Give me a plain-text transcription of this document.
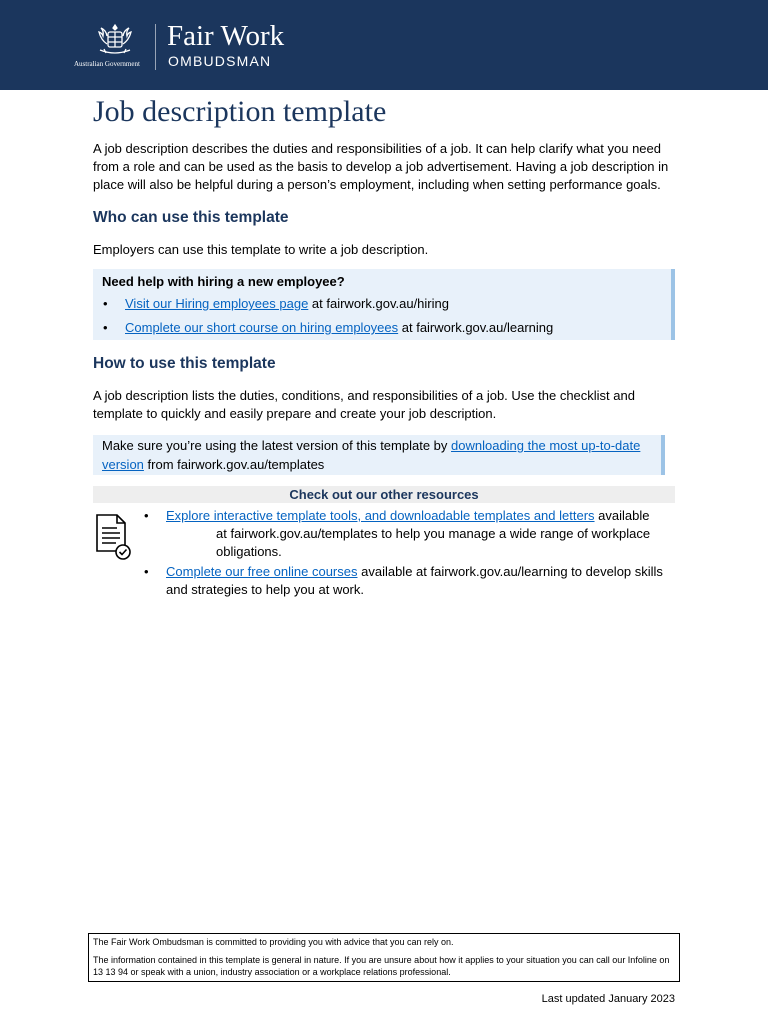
Australian Government
Fair Work
OMBUDSMAN
Job description template

A job description describes the duties and responsibilities of a job. It can help clarify what you need from a role and can be used as the basis to develop a job advertisement. Having a job description in place will also be helpful during a person’s employment, including when setting performance goals.

Who can use this template

Employers can use this template to write a job description.

Need help with hiring a new employee?
• Visit our Hiring employees page at fairwork.gov.au/hiring
• Complete our short course on hiring employees at fairwork.gov.au/learning
How to use this template

A job description lists the duties, conditions, and responsibilities of a job. Use the checklist and template to quickly and easily prepare and create your job description.

Make sure you’re using the latest version of this template by downloading the most up-to-date version from fairwork.gov.au/templates
Check out our other resources
• Explore interactive template tools, and downloadable templates and letters available
at fairwork.gov.au/templates to help you manage a wide range of workplace obligations.
• Complete our free online courses available at fairwork.gov.au/learning to develop skills and strategies to help you at work.

The Fair Work Ombudsman is committed to providing you with advice that you can rely on.

The information contained in this template is general in nature. If you are unsure about how it applies to your situation you can call our Infoline on 13 13 94 or speak with a union, industry association or a workplace relations professional.

Last updated January 2023
